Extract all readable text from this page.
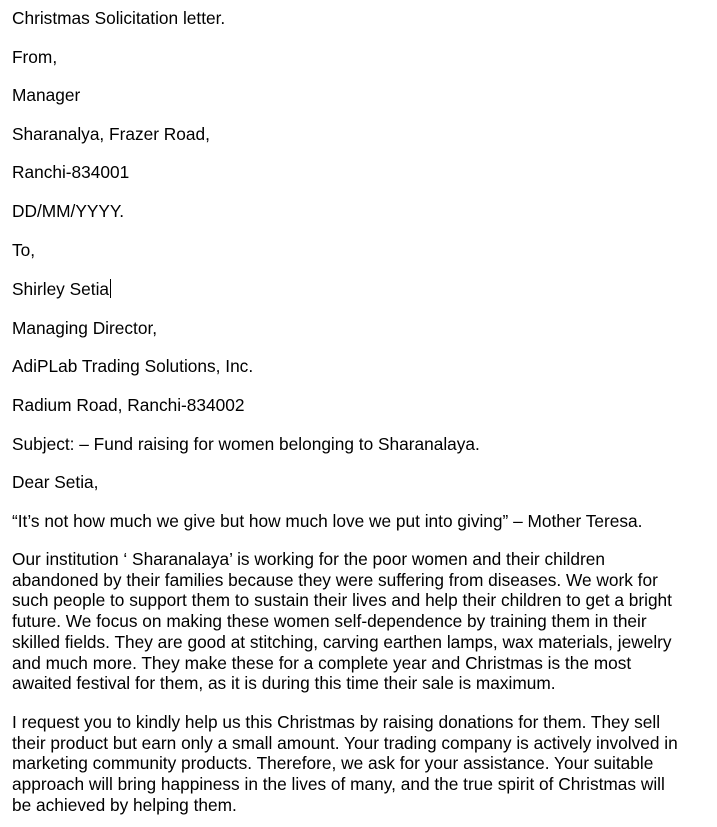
Christmas Solicitation letter.
From,
Manager
Sharanalya, Frazer Road,
Ranchi-834001
DD/MM/YYYY.
To,
Shirley Setia
Managing Director,
AdiPLab Trading Solutions, Inc.
Radium Road, Ranchi-834002
Subject: – Fund raising for women belonging to Sharanalaya.
Dear Setia,
“It’s not how much we give but how much love we put into giving” – Mother Teresa.
Our institution ‘ Sharanalaya’ is working for the poor women and their children
abandoned by their families because they were suffering from diseases. We work for
such people to support them to sustain their lives and help their children to get a bright
future. We focus on making these women self-dependence by training them in their
skilled fields. They are good at stitching, carving earthen lamps, wax materials, jewelry
and much more. They make these for a complete year and Christmas is the most
awaited festival for them, as it is during this time their sale is maximum.
I request you to kindly help us this Christmas by raising donations for them. They sell
their product but earn only a small amount. Your trading company is actively involved in
marketing community products. Therefore, we ask for your assistance. Your suitable
approach will bring happiness in the lives of many, and the true spirit of Christmas will
be achieved by helping them.
